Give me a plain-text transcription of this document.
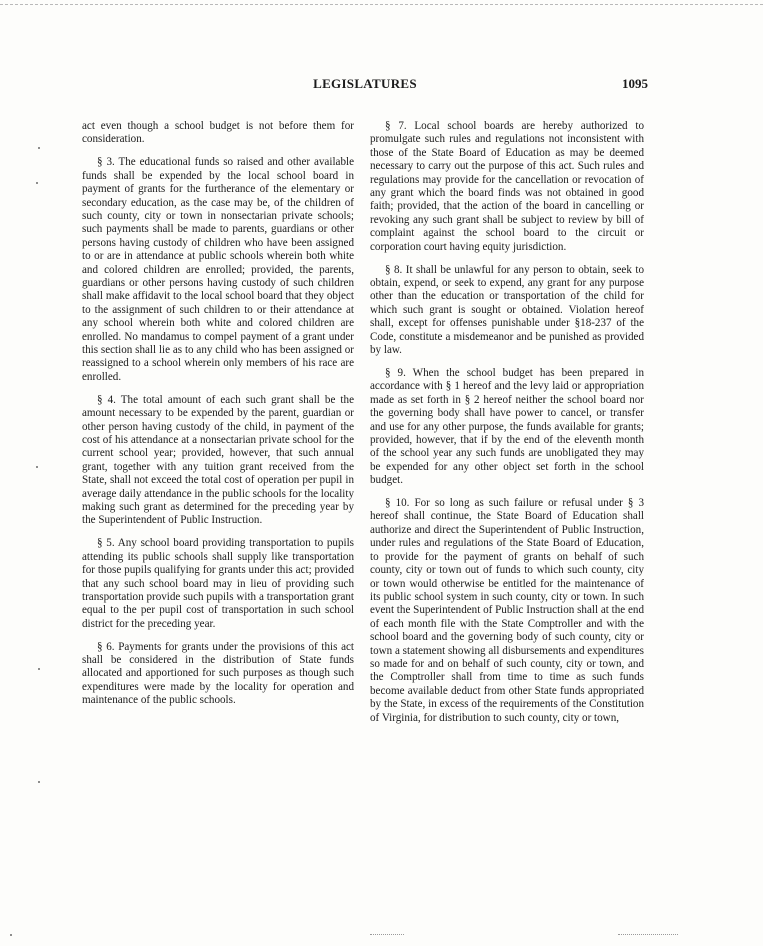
LEGISLATURES	1095

act even though a school budget is not before them for consideration.

§ 3. The educational funds so raised and other available funds shall be expended by the local school board in payment of grants for the furtherance of the elementary or secondary education, as the case may be, of the children of such county, city or town in nonsectarian private schools; such payments shall be made to parents, guardians or other persons having custody of children who have been assigned to or are in attendance at public schools wherein both white and colored children are enrolled; provided, the parents, guardians or other persons having custody of such children shall make affidavit to the local school board that they object to the assignment of such children to or their attendance at any school wherein both white and colored children are enrolled. No mandamus to compel payment of a grant under this section shall lie as to any child who has been assigned or reassigned to a school wherein only members of his race are enrolled.

§ 4. The total amount of each such grant shall be the amount necessary to be expended by the parent, guardian or other person having custody of the child, in payment of the cost of his attendance at a nonsectarian private school for the current school year; provided, however, that such annual grant, together with any tuition grant received from the State, shall not exceed the total cost of operation per pupil in average daily attendance in the public schools for the locality making such grant as determined for the preceding year by the Superintendent of Public Instruction.

§ 5. Any school board providing transportation to pupils attending its public schools shall supply like transportation for those pupils qualifying for grants under this act; provided that any such school board may in lieu of providing such transportation provide such pupils with a transportation grant equal to the per pupil cost of transportation in such school district for the preceding year.

§ 6. Payments for grants under the provisions of this act shall be considered in the distribution of State funds allocated and apportioned for such purposes as though such expenditures were made by the locality for operation and maintenance of the public schools.

§ 7. Local school boards are hereby authorized to promulgate such rules and regulations not inconsistent with those of the State Board of Education as may be deemed necessary to carry out the purpose of this act. Such rules and regulations may provide for the cancellation or revocation of any grant which the board finds was not obtained in good faith; provided, that the action of the board in cancelling or revoking any such grant shall be subject to review by bill of complaint against the school board to the circuit or corporation court having equity jurisdiction.

§ 8. It shall be unlawful for any person to obtain, seek to obtain, expend, or seek to expend, any grant for any purpose other than the education or transportation of the child for which such grant is sought or obtained. Violation hereof shall, except for offenses punishable under §18-237 of the Code, constitute a misdemeanor and be punished as provided by law.

§ 9. When the school budget has been prepared in accordance with § 1 hereof and the levy laid or appropriation made as set forth in § 2 hereof neither the school board nor the governing body shall have power to cancel, or transfer and use for any other purpose, the funds available for grants; provided, however, that if by the end of the eleventh month of the school year any such funds are unobligated they may be expended for any other object set forth in the school budget.

§ 10. For so long as such failure or refusal under § 3 hereof shall continue, the State Board of Education shall authorize and direct the Superintendent of Public Instruction, under rules and regulations of the State Board of Education, to provide for the payment of grants on behalf of such county, city or town out of funds to which such county, city or town would otherwise be entitled for the maintenance of its public school system in such county, city or town. In such event the Superintendent of Public Instruction shall at the end of each month file with the State Comptroller and with the school board and the governing body of such county, city or town a statement showing all disbursements and expenditures so made for and on behalf of such county, city or town, and the Comptroller shall from time to time as such funds become available deduct from other State funds appropriated by the State, in excess of the requirements of the Constitution of Virginia, for distribution to such county, city or town,
